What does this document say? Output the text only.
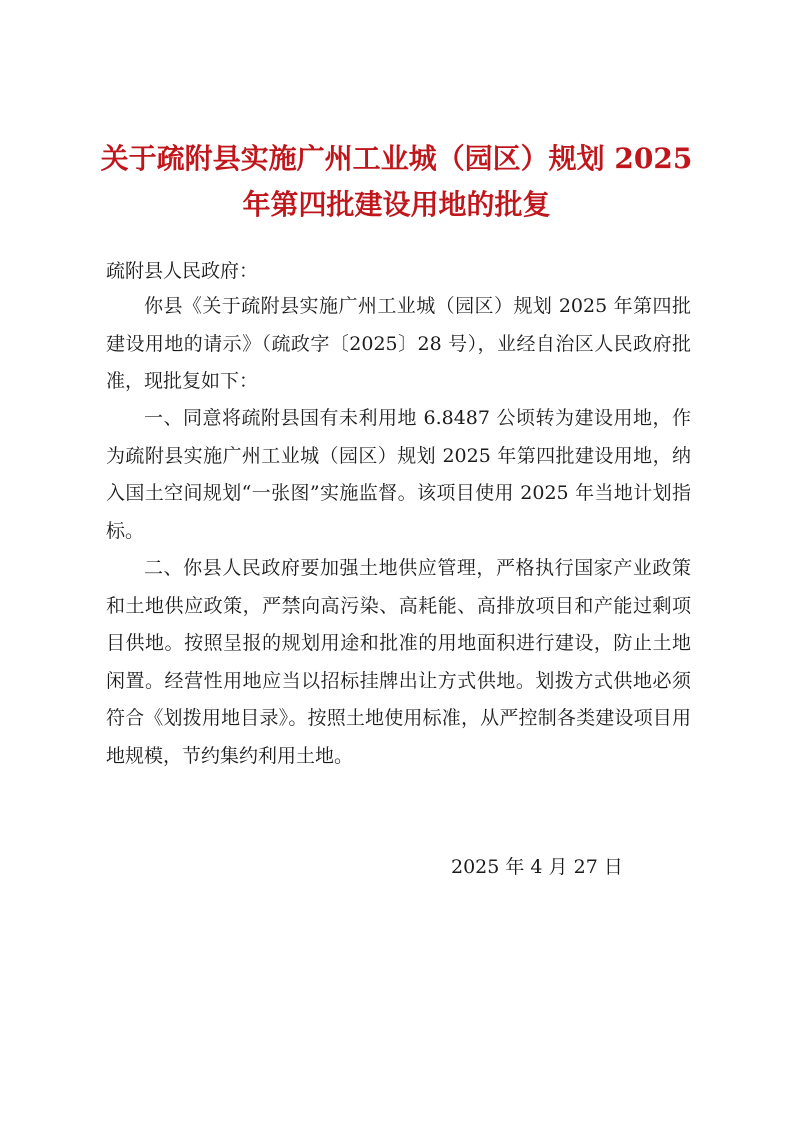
关于疏附县实施广州工业城（园区）规划 2025
年第四批建设用地的批复

疏附县人民政府：

你县《关于疏附县实施广州工业城（园区）规划 2025 年第四批建设用地的请示》（疏政字〔2025〕28 号），业经自治区人民政府批准，现批复如下：

一、同意将疏附县国有未利用地 6.8487 公顷转为建设用地，作为疏附县实施广州工业城（园区）规划 2025 年第四批建设用地，纳入国土空间规划“一张图”实施监督。该项目使用 2025 年当地计划指标。

二、你县人民政府要加强土地供应管理，严格执行国家产业政策和土地供应政策，严禁向高污染、高耗能、高排放项目和产能过剩项目供地。按照呈报的规划用途和批准的用地面积进行建设，防止土地闲置。经营性用地应当以招标挂牌出让方式供地。划拨方式供地必须符合《划拨用地目录》。按照土地使用标准，从严控制各类建设项目用地规模，节约集约利用土地。

2025 年 4 月 27 日
